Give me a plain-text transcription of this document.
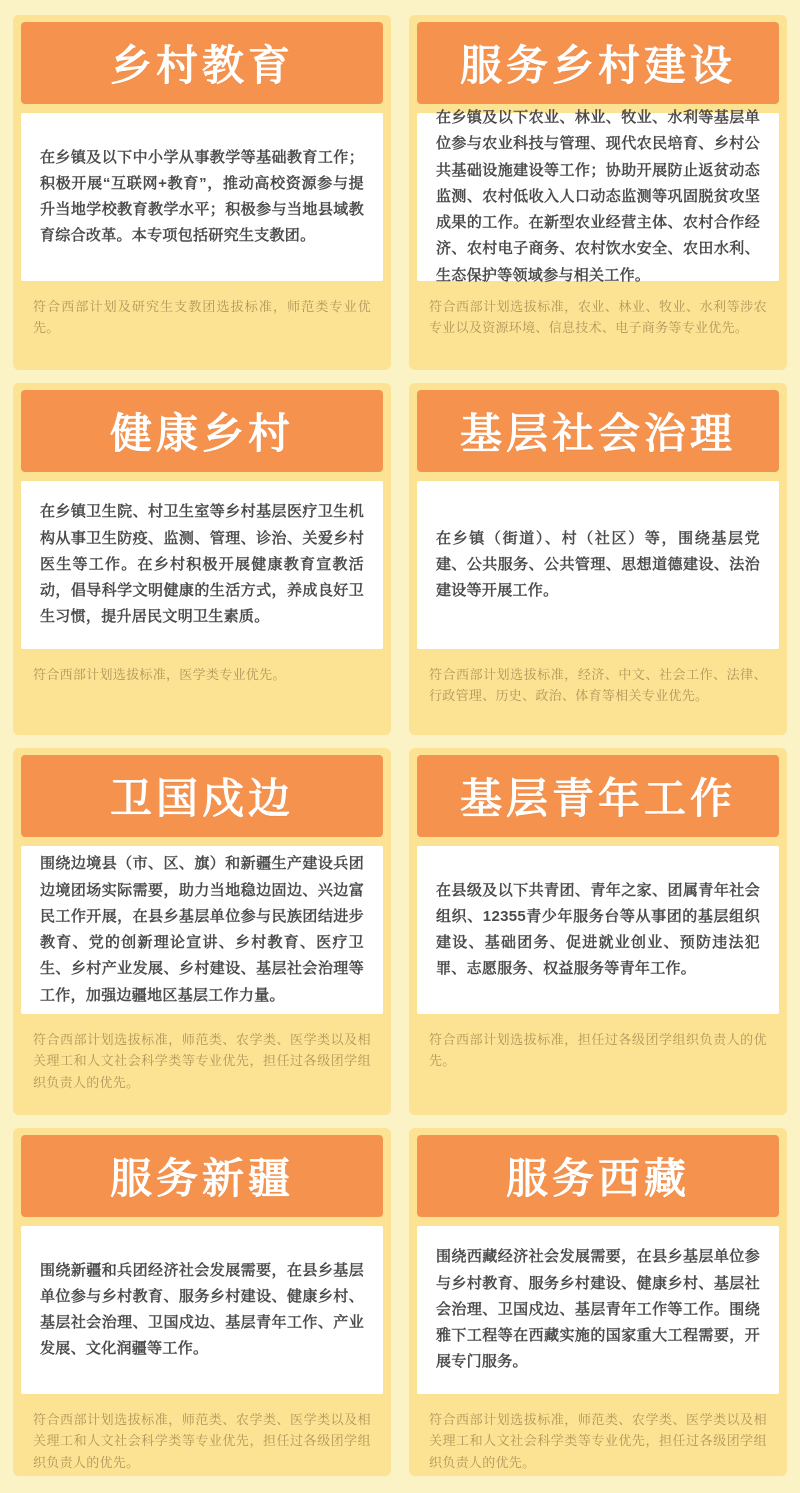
乡村教育

在乡镇及以下中小学从事教学等基础教育工作；积极开展“互联网+教育”，推动高校资源参与提升当地学校教育教学水平；积极参与当地县域教育综合改革。本专项包括研究生支教团。

符合西部计划及研究生支教团选拔标准，师范类专业优先。

服务乡村建设

在乡镇及以下农业、林业、牧业、水利等基层单位参与农业科技与管理、现代农民培育、乡村公共基础设施建设等工作；协助开展防止返贫动态监测、农村低收入人口动态监测等巩固脱贫攻坚成果的工作。在新型农业经营主体、农村合作经济、农村电子商务、农村饮水安全、农田水利、生态保护等领域参与相关工作。

符合西部计划选拔标准，农业、林业、牧业、水利等涉农专业以及资源环境、信息技术、电子商务等专业优先。

健康乡村

在乡镇卫生院、村卫生室等乡村基层医疗卫生机构从事卫生防疫、监测、管理、诊治、关爱乡村医生等工作。在乡村积极开展健康教育宣教活动，倡导科学文明健康的生活方式，养成良好卫生习惯，提升居民文明卫生素质。

符合西部计划选拔标准，医学类专业优先。

基层社会治理

在乡镇（街道）、村（社区）等，围绕基层党建、公共服务、公共管理、思想道德建设、法治建设等开展工作。

符合西部计划选拔标准，经济、中文、社会工作、法律、行政管理、历史、政治、体育等相关专业优先。

卫国戍边

围绕边境县（市、区、旗）和新疆生产建设兵团边境团场实际需要，助力当地稳边固边、兴边富民工作开展，在县乡基层单位参与民族团结进步教育、党的创新理论宣讲、乡村教育、医疗卫生、乡村产业发展、乡村建设、基层社会治理等工作，加强边疆地区基层工作力量。

符合西部计划选拔标准，师范类、农学类、医学类以及相关理工和人文社会科学类等专业优先，担任过各级团学组织负责人的优先。

基层青年工作

在县级及以下共青团、青年之家、团属青年社会组织、12355青少年服务台等从事团的基层组织建设、基础团务、促进就业创业、预防违法犯罪、志愿服务、权益服务等青年工作。

符合西部计划选拔标准，担任过各级团学组织负责人的优先。

服务新疆

围绕新疆和兵团经济社会发展需要，在县乡基层单位参与乡村教育、服务乡村建设、健康乡村、基层社会治理、卫国戍边、基层青年工作、产业发展、文化润疆等工作。

符合西部计划选拔标准，师范类、农学类、医学类以及相关理工和人文社会科学类等专业优先，担任过各级团学组织负责人的优先。

服务西藏

围绕西藏经济社会发展需要，在县乡基层单位参与乡村教育、服务乡村建设、健康乡村、基层社会治理、卫国戍边、基层青年工作等工作。围绕雅下工程等在西藏实施的国家重大工程需要，开展专门服务。

符合西部计划选拔标准，师范类、农学类、医学类以及相关理工和人文社会科学类等专业优先，担任过各级团学组织负责人的优先。
